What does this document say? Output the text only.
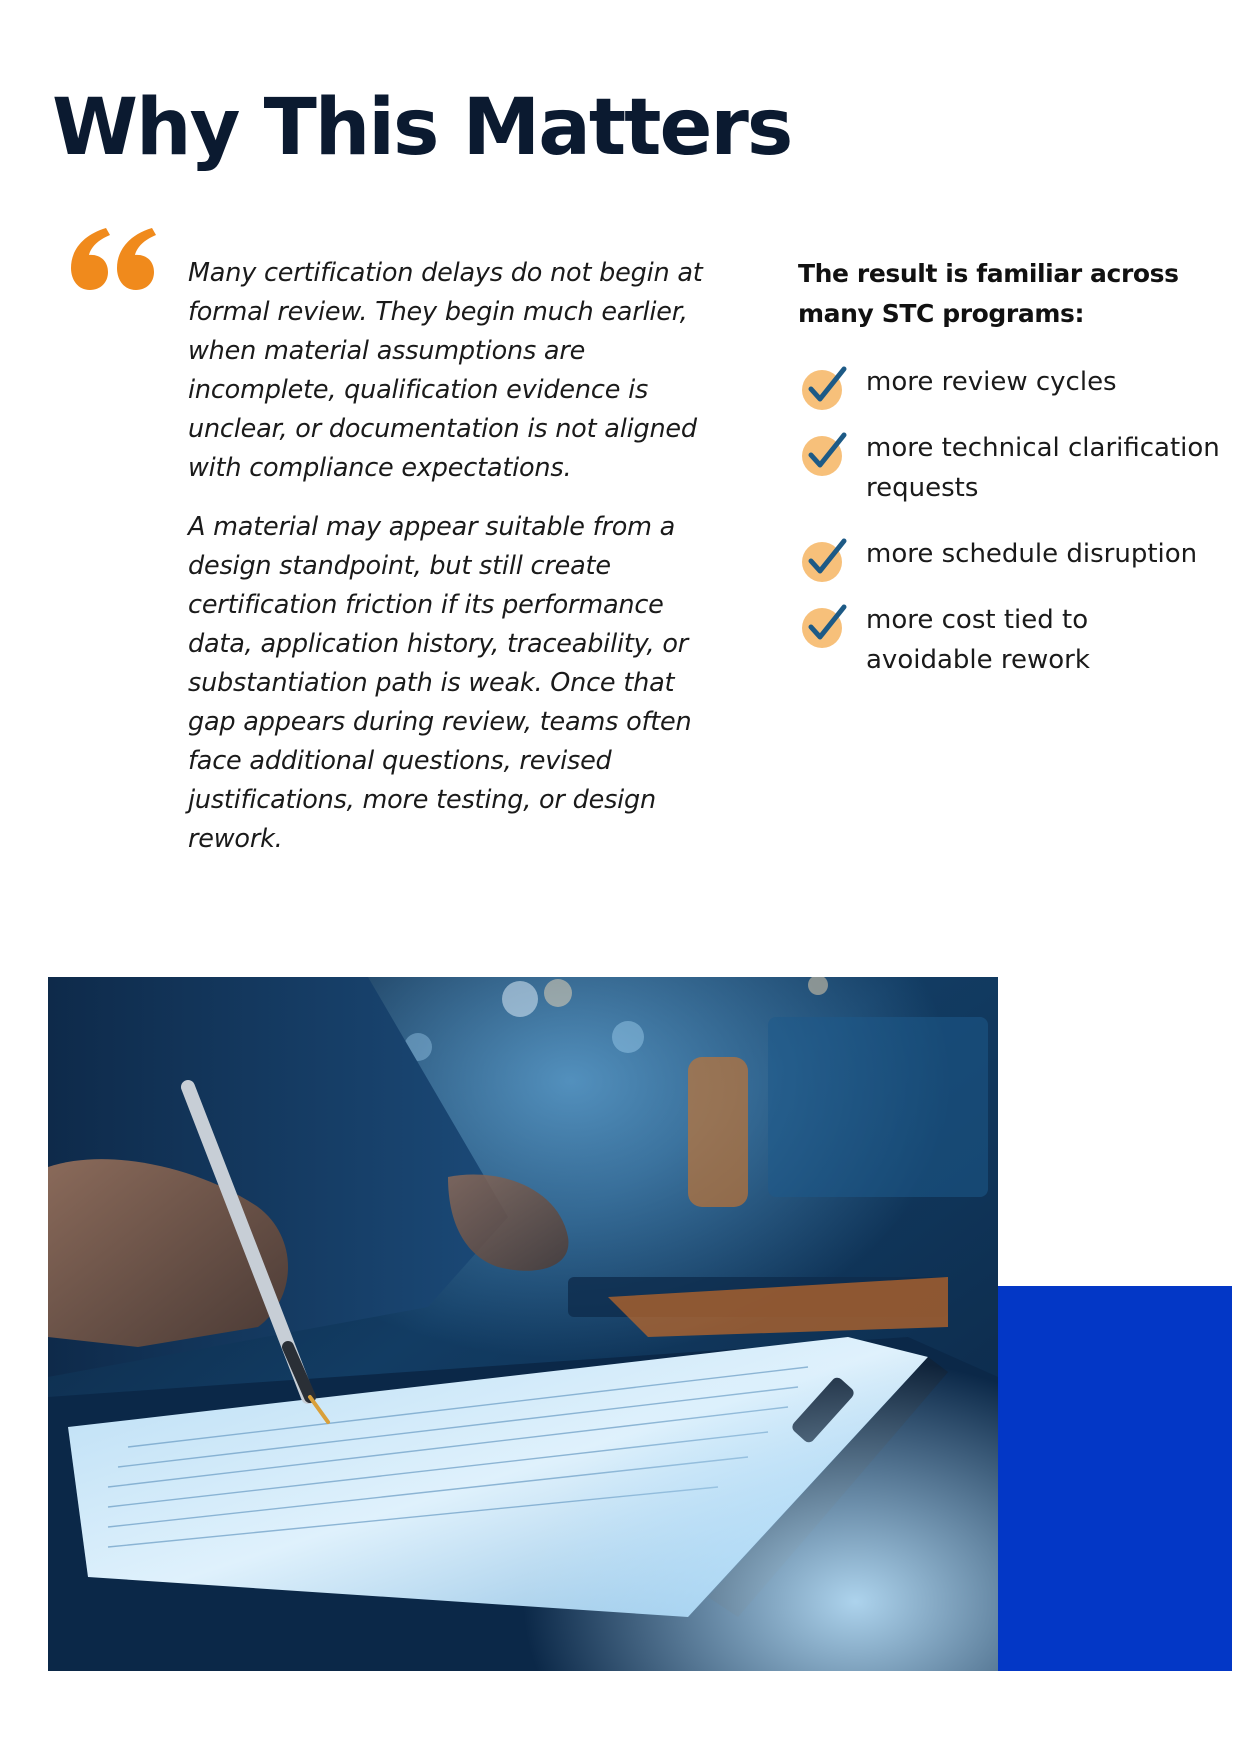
Why This Matters

Many certification delays do not begin at formal review. They begin much earlier, when material assumptions are incomplete, qualification evidence is unclear, or documentation is not aligned with compliance expectations.

A material may appear suitable from a design standpoint, but still create certification friction if its performance data, application history, traceability, or substantiation path is weak. Once that gap appears during review, teams often face additional questions, revised justifications, more testing, or design rework.

The result is familiar across many STC programs:
more review cycles
more technical clarification requests
more schedule disruption
more cost tied to avoidable rework
